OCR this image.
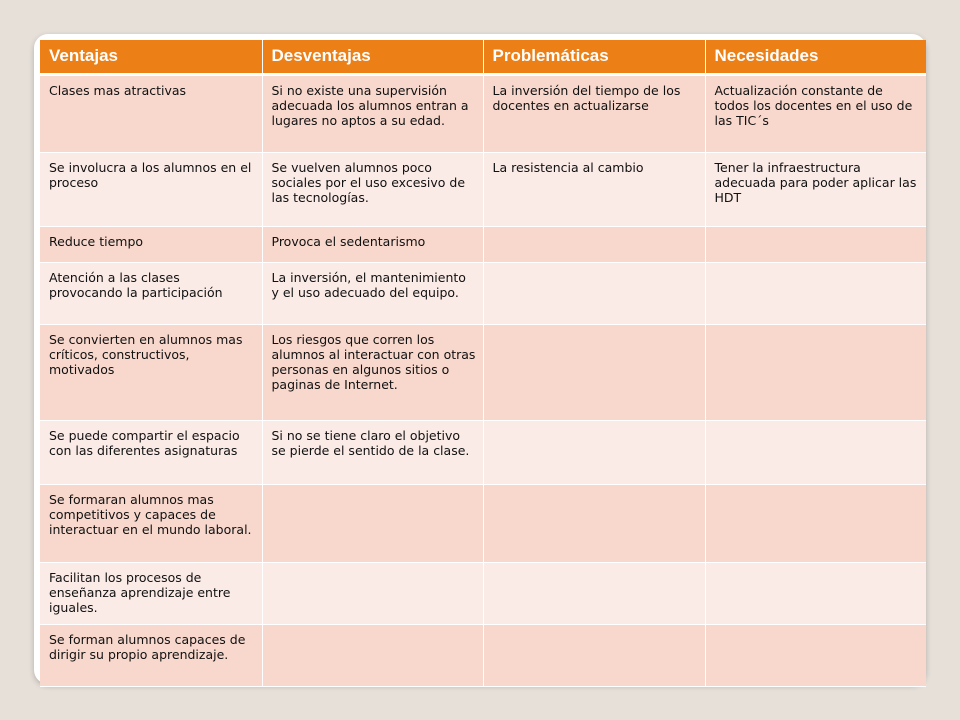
Ventajas	Desventajas	Problemáticas	Necesidades
Clases mas atractivas	Si no existe una supervisión adecuada los alumnos entran a lugares no aptos a su edad.	La inversión del tiempo de los docentes en actualizarse	Actualización constante de todos los docentes en el uso de las TIC´s
Se involucra a los alumnos en el proceso	Se vuelven alumnos poco sociales por el uso excesivo de las tecnologías.	La resistencia al cambio	Tener la infraestructura adecuada para poder aplicar las HDT
Reduce tiempo	Provoca el sedentarismo		
Atención a las clases provocando la participación	La inversión, el mantenimiento y el uso adecuado del equipo.		
Se convierten en alumnos mas críticos, constructivos, motivados	Los riesgos que corren los alumnos al interactuar con otras personas en algunos sitios o paginas de Internet.		
Se puede compartir el espacio con las diferentes asignaturas	Si no se tiene claro el objetivo se pierde el sentido de la clase.		
Se formaran alumnos mas competitivos y capaces de interactuar en el mundo laboral.			
Facilitan los procesos de enseñanza aprendizaje entre iguales.			
Se forman alumnos capaces de dirigir su propio aprendizaje.			
